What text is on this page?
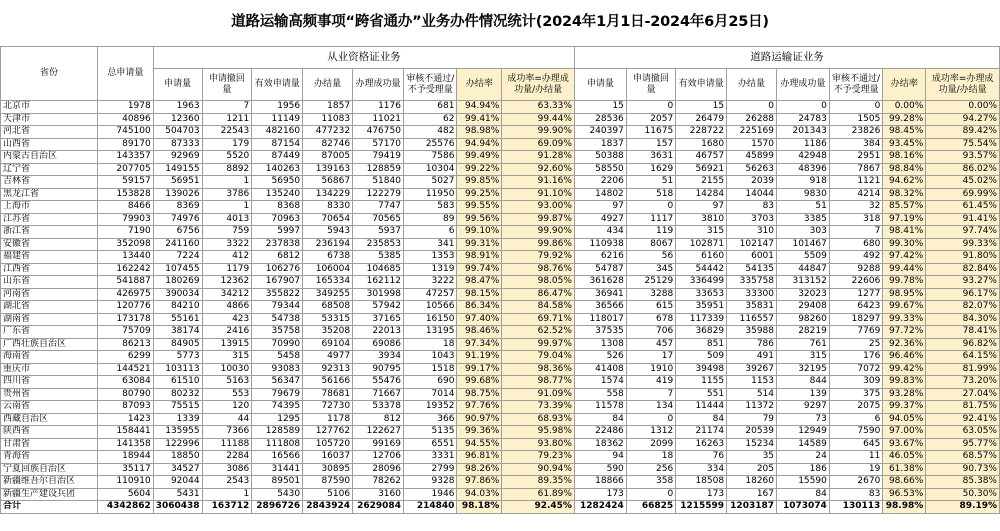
道路运输高频事项“跨省通办”业务办件情况统计(2024年1月1日-2024年6月25日)
省份	总申请量	从业资格证业务								道路运输证业务							
		申请量	申请撤回量	有效申请量	办结量	办理成功量	审核不通过/不予受理量	办结率	成功率=办理成功量/办结量	申请量	申请撤回量	有效申请量	办结量	办理成功量	审核不通过/不予受理量	办结率	成功率=办理成功量/办结量
北京市	1978	1963	7	1956	1857	1176	681	94.94%	63.33%	15	0	15	0	0	0	0.00%	0.00%
天津市	40896	12360	1211	11149	11083	11021	62	99.41%	99.44%	28536	2057	26479	26288	24783	1505	99.28%	94.27%
河北省	745100	504703	22543	482160	477232	476750	482	98.98%	99.90%	240397	11675	228722	225169	201343	23826	98.45%	89.42%
山西省	89170	87333	179	87154	82746	57170	25576	94.94%	69.09%	1837	157	1680	1570	1186	384	93.45%	75.54%
内蒙古自治区	143357	92969	5520	87449	87005	79419	7586	99.49%	91.28%	50388	3631	46757	45899	42948	2951	98.16%	93.57%
辽宁省	207705	149155	8892	140263	139163	128859	10304	99.22%	92.60%	58550	1629	56921	56263	48396	7867	98.84%	86.02%
吉林省	59157	56951	1	56950	56867	51840	5027	99.85%	91.16%	2206	51	2155	2039	918	1121	94.62%	45.02%
黑龙江省	153828	139026	3786	135240	134229	122279	11950	99.25%	91.10%	14802	518	14284	14044	9830	4214	98.32%	69.99%
上海市	8466	8369	1	8368	8330	7747	583	99.55%	93.00%	97	0	97	83	51	32	85.57%	61.45%
江苏省	79903	74976	4013	70963	70654	70565	89	99.56%	99.87%	4927	1117	3810	3703	3385	318	97.19%	91.41%
浙江省	7190	6756	759	5997	5943	5937	6	99.10%	99.90%	434	119	315	310	303	7	98.41%	97.74%
安徽省	352098	241160	3322	237838	236194	235853	341	99.31%	99.86%	110938	8067	102871	102147	101467	680	99.30%	99.33%
福建省	13440	7224	412	6812	6738	5385	1353	98.91%	79.92%	6216	56	6160	6001	5509	492	97.42%	91.80%
江西省	162242	107455	1179	106276	106004	104685	1319	99.74%	98.76%	54787	345	54442	54135	44847	9288	99.44%	82.84%
山东省	541887	180269	12362	167907	165334	162112	3222	98.47%	98.05%	361628	25129	336499	335758	313152	22606	99.78%	93.27%
河南省	426975	390034	34212	355822	349255	301998	47257	98.15%	86.47%	36941	3288	33653	33300	32023	1277	98.95%	96.17%
湖北省	120776	84210	4866	79344	68508	57942	10566	86.34%	84.58%	36566	615	35951	35831	29408	6423	99.67%	82.07%
湖南省	173178	55161	423	54738	53315	37165	16150	97.40%	69.71%	118017	678	117339	116557	98260	18297	99.33%	84.30%
广东省	75709	38174	2416	35758	35208	22013	13195	98.46%	62.52%	37535	706	36829	35988	28219	7769	97.72%	78.41%
广西壮族自治区	86213	84905	13915	70990	69104	69086	18	97.34%	99.97%	1308	457	851	786	761	25	92.36%	96.82%
海南省	6299	5773	315	5458	4977	3934	1043	91.19%	79.04%	526	17	509	491	315	176	96.46%	64.15%
重庆市	144521	103113	10030	93083	92313	90795	1518	99.17%	98.36%	41408	1910	39498	39267	32195	7072	99.42%	81.99%
四川省	63084	61510	5163	56347	56166	55476	690	99.68%	98.77%	1574	419	1155	1153	844	309	99.83%	73.20%
贵州省	80790	80232	553	79679	78681	71667	7014	98.75%	91.09%	558	7	551	514	139	375	93.28%	27.04%
云南省	87093	75515	120	74395	72730	53378	19352	97.76%	73.39%	11578	134	11444	11372	9297	2075	99.37%	81.75%
西藏自治区	1423	1339	44	1295	1178	812	366	90.97%	68.93%	84	0	84	79	73	6	94.05%	92.41%
陕西省	158441	135955	7366	128589	127762	122627	5135	99.36%	95.98%	22486	1312	21174	20539	12949	7590	97.00%	63.05%
甘肃省	141358	122996	11188	111808	105720	99169	6551	94.55%	93.80%	18362	2099	16263	15234	14589	645	93.67%	95.77%
青海省	18944	18850	2284	16566	16037	12706	3331	96.81%	79.23%	94	18	76	35	24	11	46.05%	68.57%
宁夏回族自治区	35117	34527	3086	31441	30895	28096	2799	98.26%	90.94%	590	256	334	205	186	19	61.38%	90.73%
新疆维吾尔自治区	110910	92044	2543	89501	87590	78262	9328	97.86%	89.35%	18866	358	18508	18260	15590	2670	98.66%	85.38%
新疆生产建设兵团	5604	5431	1	5430	5106	3160	1946	94.03%	61.89%	173	0	173	167	84	83	96.53%	50.30%
合计	4342862	3060438	163712	2896726	2843924	2629084	214840	98.18%	92.45%	1282424	66825	1215599	1203187	1073074	130113	98.98%	89.19%
